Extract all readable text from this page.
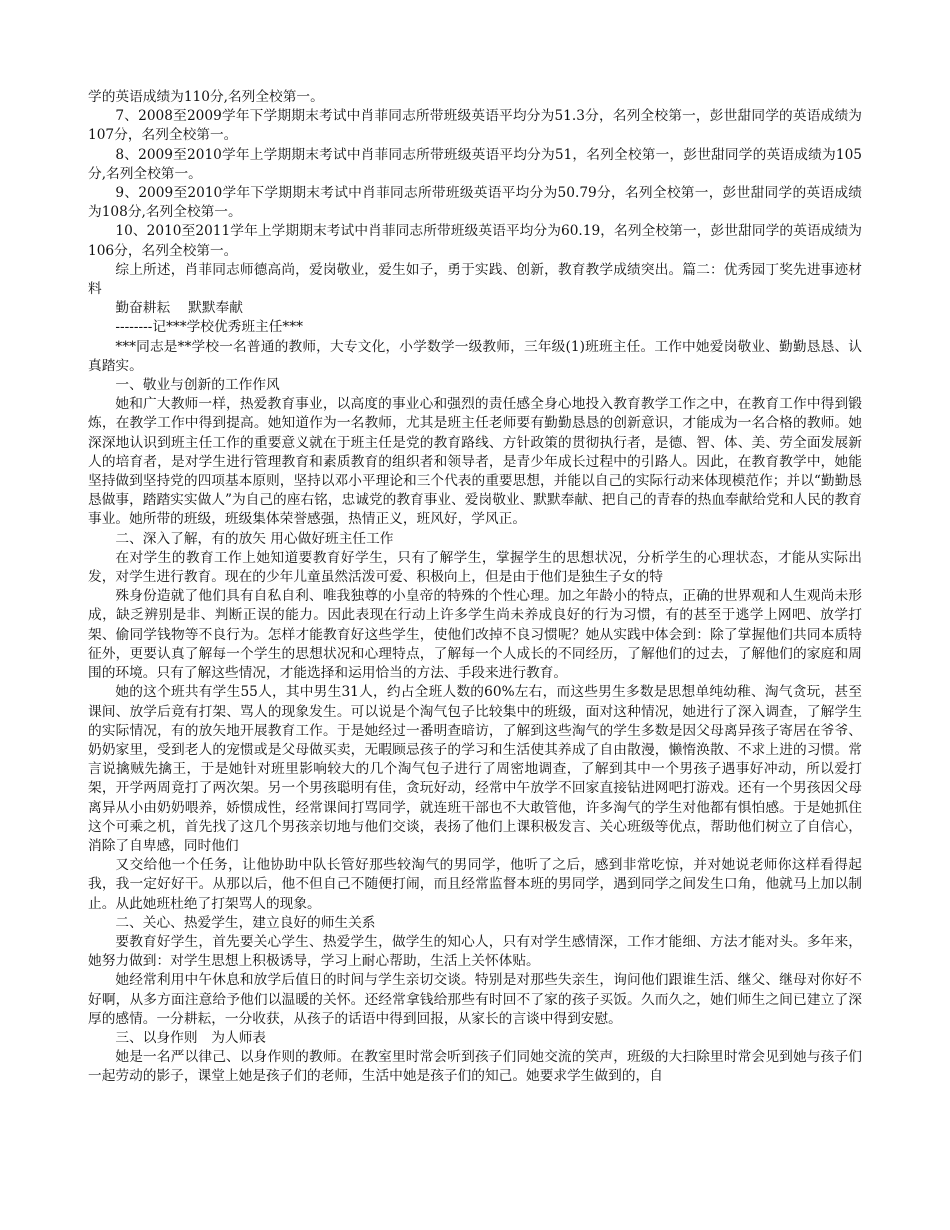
学的英语成绩为110分,名列全校第一。

7、2008至2009学年下学期期末考试中肖菲同志所带班级英语平均分为51.3分，名列全校第一，彭世甜同学的英语成绩为107分，名列全校第一。

8、2009至2010学年上学期期末考试中肖菲同志所带班级英语平均分为51，名列全校第一，彭世甜同学的英语成绩为105分,名列全校第一。

9、2009至2010学年下学期期末考试中肖菲同志所带班级英语平均分为50.79分，名列全校第一，彭世甜同学的英语成绩为108分,名列全校第一。

10、2010至2011学年上学期期末考试中肖菲同志所带班级英语平均分为60.19，名列全校第一，彭世甜同学的英语成绩为106分，名列全校第一。

综上所述，肖菲同志师德高尚，爱岗敬业，爱生如子，勇于实践、创新，教育教学成绩突出。篇二：优秀园丁奖先进事迹材料

勤奋耕耘　 默默奉献

--------记***学校优秀班主任***

***同志是**学校一名普通的教师，大专文化，小学数学一级教师，三年级(1)班班主任。工作中她爱岗敬业、勤勤恳恳、认真踏实。

一、敬业与创新的工作作风

她和广大教师一样，热爱教育事业，以高度的事业心和强烈的责任感全身心地投入教育教学工作之中，在教育工作中得到锻炼，在教学工作中得到提高。她知道作为一名教师，尤其是班主任老师要有勤勤恳恳的创新意识，才能成为一名合格的教师。她深深地认识到班主任工作的重要意义就在于班主任是党的教育路线、方针政策的贯彻执行者，是德、智、体、美、劳全面发展新人的培育者，是对学生进行管理教育和素质教育的组织者和领导者，是青少年成长过程中的引路人。因此，在教育教学中，她能坚持做到坚持党的四项基本原则，坚持以邓小平理论和三个代表的重要思想，并能以自己的实际行动来体现模范作；并以“勤勤恳恳做事，踏踏实实做人”为自己的座右铭，忠诚党的教育事业、爱岗敬业、默默奉献、把自己的青春的热血奉献给党和人民的教育事业。她所带的班级，班级集体荣誉感强，热情正义，班风好，学风正。

二、深入了解，有的放矢 用心做好班主任工作

在对学生的教育工作上她知道要教育好学生，只有了解学生，掌握学生的思想状况，分析学生的心理状态，才能从实际出发，对学生进行教育。现在的少年儿童虽然活泼可爱、积极向上，但是由于他们是独生子女的特

殊身份造就了他们具有自私自利、唯我独尊的小皇帝的特殊的个性心理。加之年龄小的特点，正确的世界观和人生观尚未形成，缺乏辨别是非、判断正误的能力。因此表现在行动上许多学生尚未养成良好的行为习惯，有的甚至于逃学上网吧、放学打架、偷同学钱物等不良行为。怎样才能教育好这些学生，使他们改掉不良习惯呢？她从实践中体会到：除了掌握他们共同本质特征外，更要认真了解每一个学生的思想状况和心理特点，了解每一个人成长的不同经历，了解他们的过去，了解他们的家庭和周围的环境。只有了解这些情况，才能选择和运用恰当的方法、手段来进行教育。

她的这个班共有学生55人，其中男生31人，约占全班人数的60%左右，而这些男生多数是思想单纯幼稚、淘气贪玩，甚至课间、放学后竟有打架、骂人的现象发生。可以说是个淘气包子比较集中的班级，面对这种情况，她进行了深入调查，了解学生的实际情况，有的放矢地开展教育工作。于是她经过一番明查暗访，了解到这些淘气的学生多数是因父母离异孩子寄居在爷爷、奶奶家里，受到老人的宠惯或是父母做买卖，无暇顾忌孩子的学习和生活使其养成了自由散漫，懒惰涣散、不求上进的习惯。常言说擒贼先擒王，于是她针对班里影响较大的几个淘气包子进行了周密地调查，了解到其中一个男孩子遇事好冲动，所以爱打架，开学两周竟打了两次架。另一个男孩聪明有佳，贪玩好动，经常中午放学不回家直接钻进网吧打游戏。还有一个男孩因父母离异从小由奶奶喂养，娇惯成性，经常课间打骂同学，就连班干部也不大敢管他，许多淘气的学生对他都有惧怕感。于是她抓住这个可乘之机，首先找了这几个男孩亲切地与他们交谈，表扬了他们上课积极发言、关心班级等优点，帮助他们树立了自信心，消除了自卑感，同时他们

又交给他一个任务，让他协助中队长管好那些较淘气的男同学，他听了之后，感到非常吃惊，并对她说老师你这样看得起我，我一定好好干。从那以后，他不但自己不随便打闹，而且经常监督本班的男同学，遇到同学之间发生口角，他就马上加以制止。从此她班杜绝了打架骂人的现象。

二、关心、热爱学生，建立良好的师生关系

要教育好学生，首先要关心学生、热爱学生，做学生的知心人，只有对学生感情深，工作才能细、方法才能对头。多年来，她努力做到：对学生思想上积极诱导，学习上耐心帮助，生活上关怀体贴。

她经常利用中午休息和放学后值日的时间与学生亲切交谈。特别是对那些失亲生，询问他们跟谁生活、继父、继母对你好不好啊，从多方面注意给予他们以温暖的关怀。还经常拿钱给那些有时回不了家的孩子买饭。久而久之，她们师生之间已建立了深厚的感情。一分耕耘，一分收获，从孩子的话语中得到回报，从家长的言谈中得到安慰。

三、以身作则　为人师表

她是一名严以律己、以身作则的教师。在教室里时常会听到孩子们同她交流的笑声，班级的大扫除里时常会见到她与孩子们一起劳动的影子，课堂上她是孩子们的老师，生活中她是孩子们的知己。她要求学生做到的，自
